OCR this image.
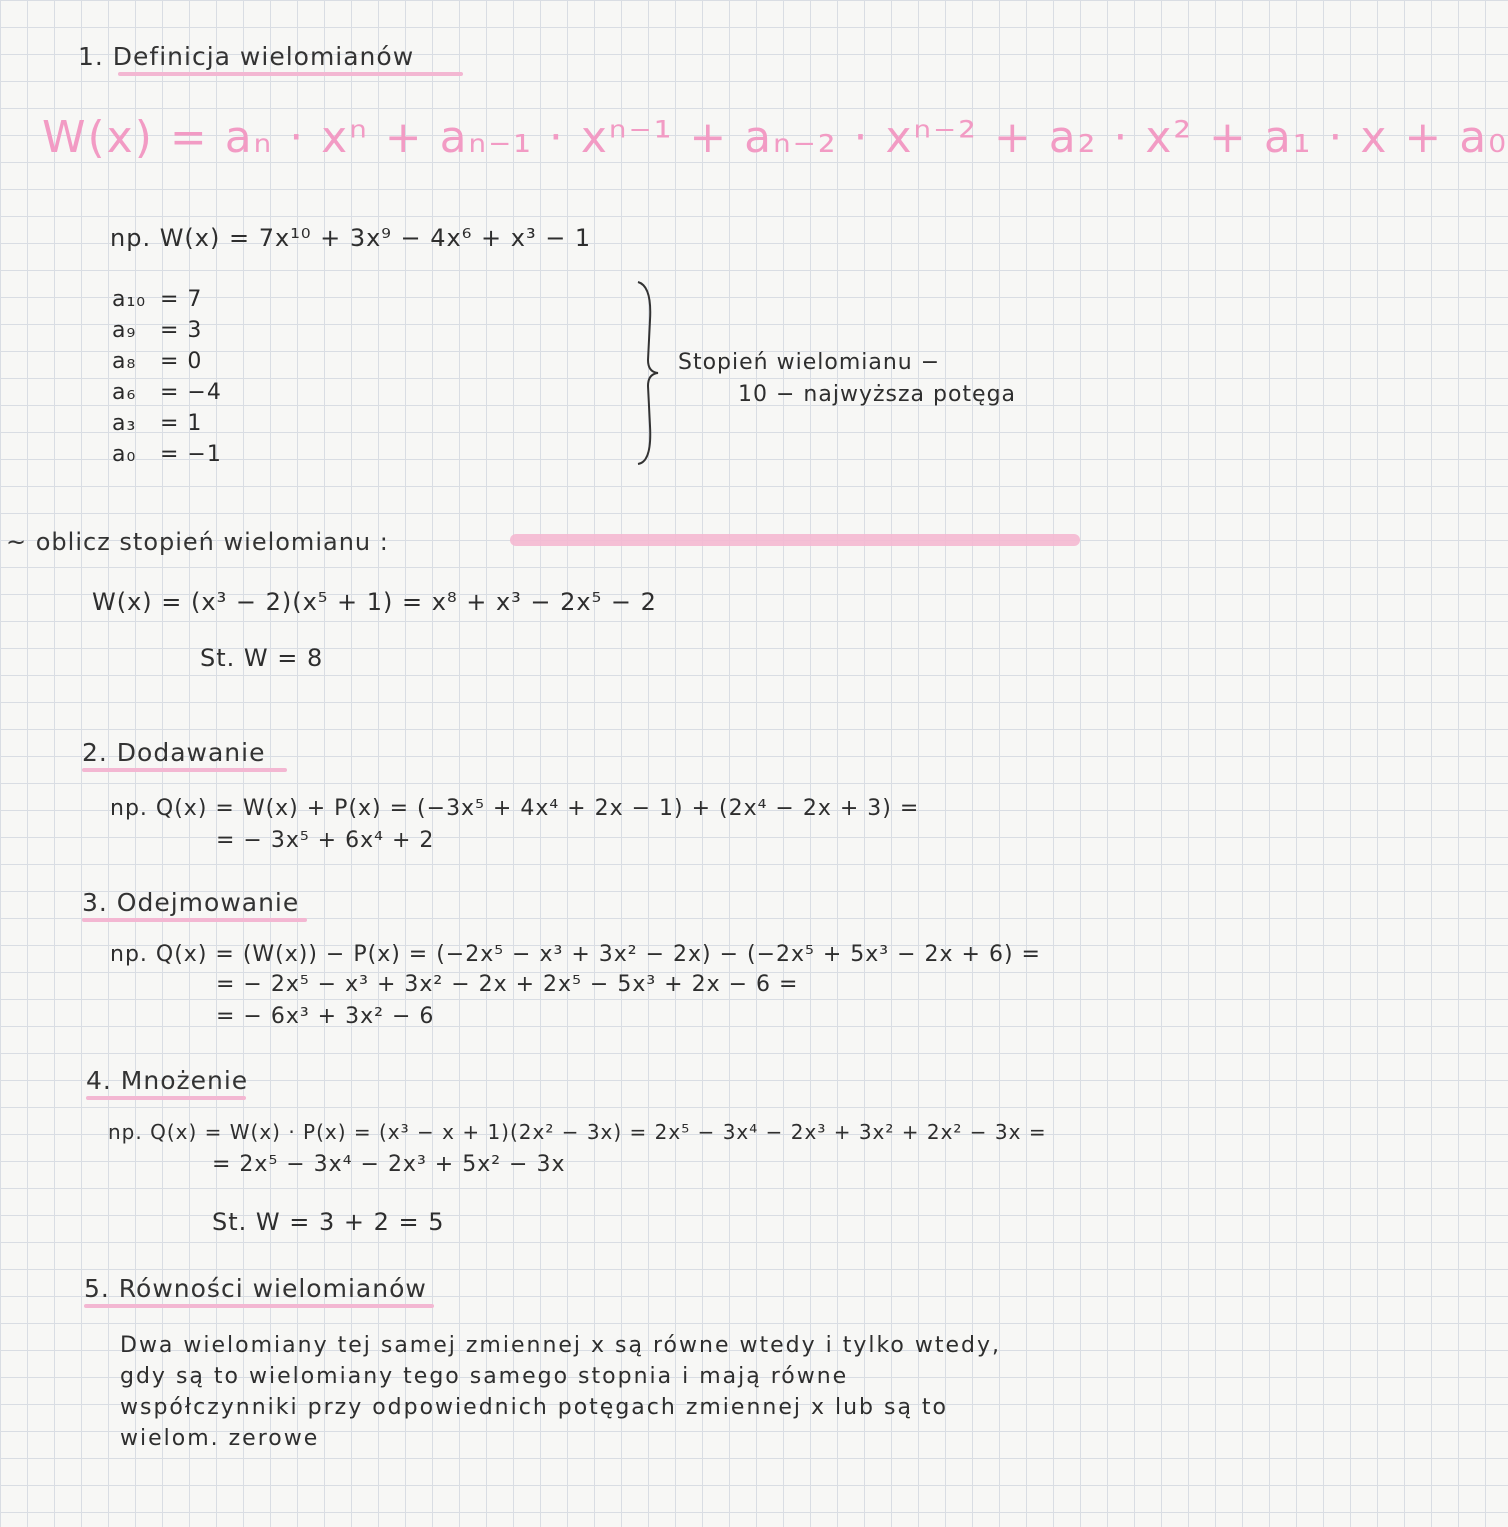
1. Definicja wielomianów
W(x) = aₙ · xⁿ + aₙ₋₁ · xⁿ⁻¹ + aₙ₋₂ · xⁿ⁻² + a₂ · x² + a₁ · x + a₀
np. W(x) = 7x¹⁰ + 3x⁹ − 4x⁶ + x³ − 1
a₁₀ = 7
a₉ = 3
a₈ = 0
a₆ = −4
a₃ = 1
a₀ = −1
Stopień wielomianu −
10 − najwyższa potęga
~ oblicz stopień wielomianu :
W(x) = (x³ − 2)(x⁵ + 1) = x⁸ + x³ − 2x⁵ − 2
St. W = 8
2. Dodawanie
np. Q(x) = W(x) + P(x) = (−3x⁵ + 4x⁴ + 2x − 1) + (2x⁴ − 2x + 3) =
= − 3x⁵ + 6x⁴ + 2
3. Odejmowanie
np. Q(x) = (W(x)) − P(x) = (−2x⁵ − x³ + 3x² − 2x) − (−2x⁵ + 5x³ − 2x + 6) =
= − 2x⁵ − x³ + 3x² − 2x + 2x⁵ − 5x³ + 2x − 6 =
= − 6x³ + 3x² − 6
4. Mnożenie
np. Q(x) = W(x) · P(x) = (x³ − x + 1)(2x² − 3x) = 2x⁵ − 3x⁴ − 2x³ + 3x² + 2x² − 3x =
= 2x⁵ − 3x⁴ − 2x³ + 5x² − 3x
St. W = 3 + 2 = 5
5. Równości wielomianów
Dwa wielomiany tej samej zmiennej x są równe wtedy i tylko wtedy, gdy są to wielomiany tego samego stopnia i mają równe współczynniki przy odpowiednich potęgach zmiennej x lub są to wielom. zerowe
